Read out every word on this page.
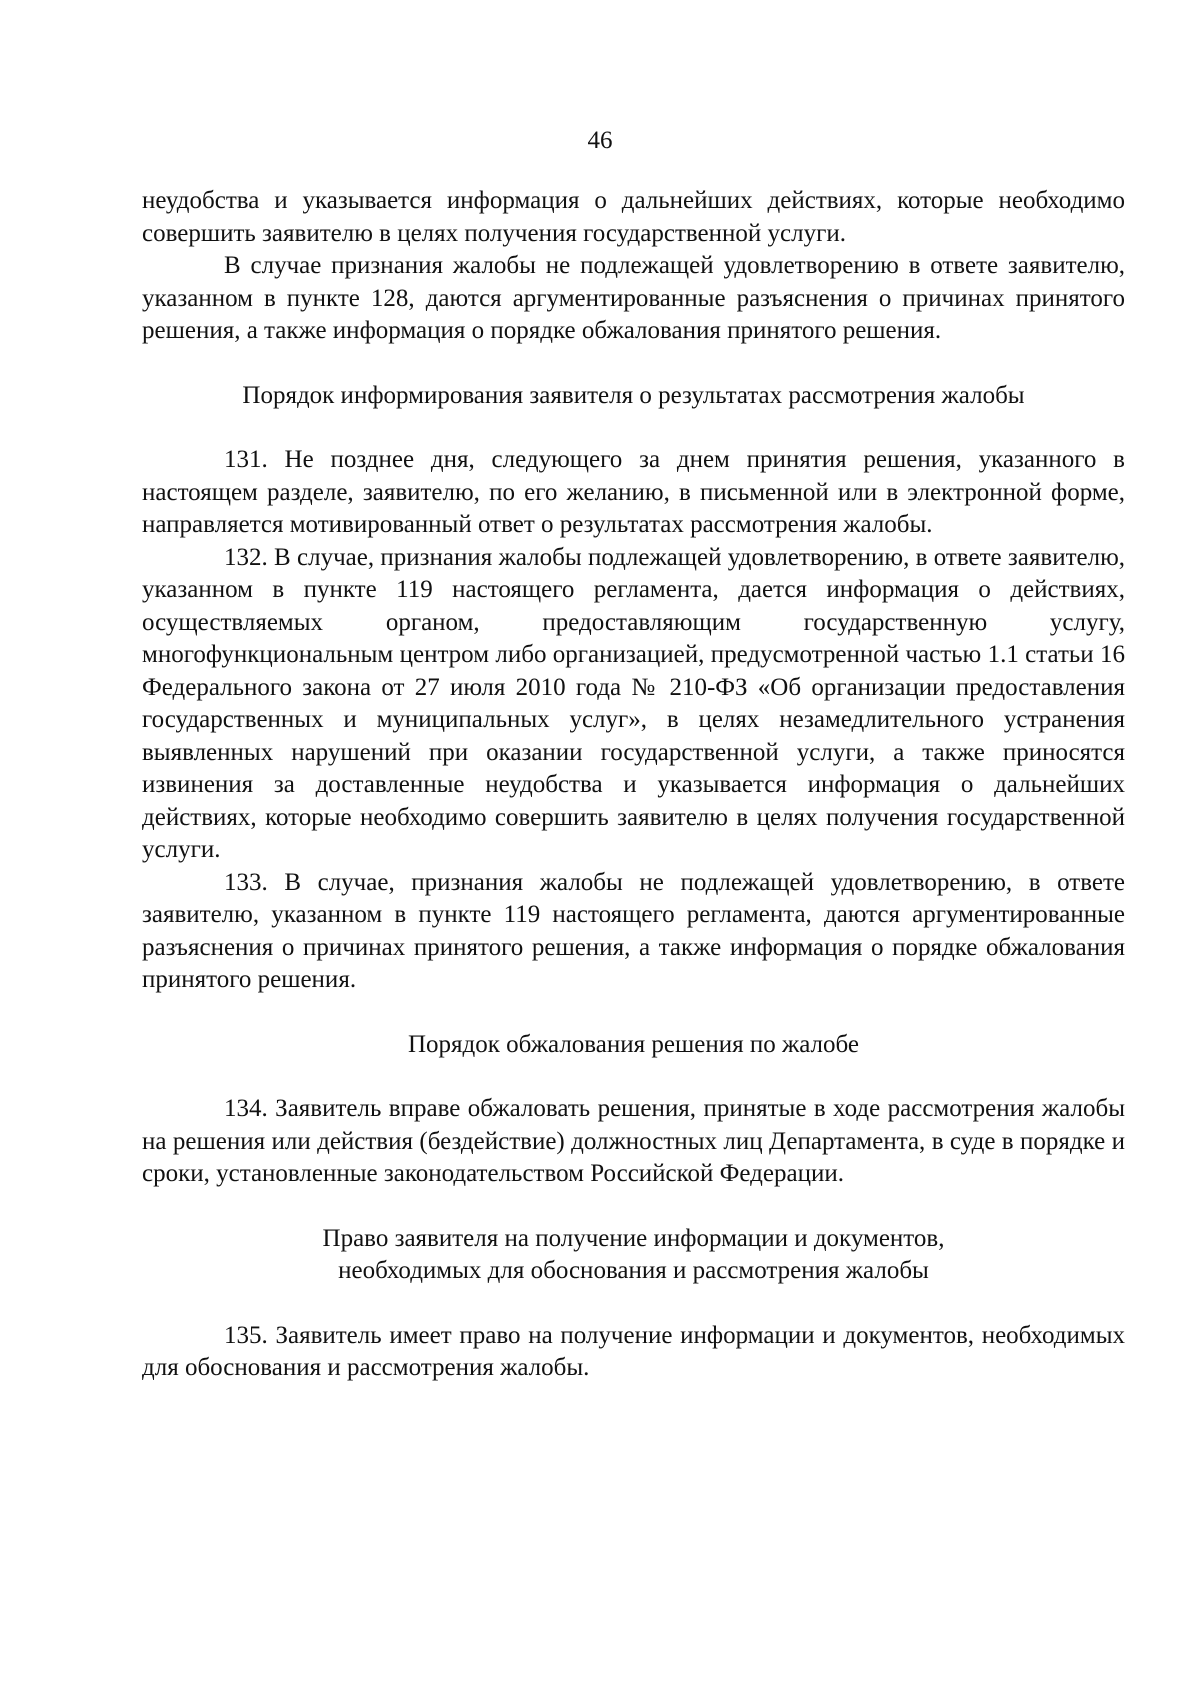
46

неудобства и указывается информация о дальнейших действиях, которые необходимо совершить заявителю в целях получения государственной услуги.

В случае признания жалобы не подлежащей удовлетворению в ответе заявителю, указанном в пункте 128, даются аргументированные разъяснения о причинах принятого решения, а также информация о порядке обжалования принятого решения.

Порядок информирования заявителя о результатах рассмотрения жалобы

131. Не позднее дня, следующего за днем принятия решения, указанного в настоящем разделе, заявителю, по его желанию, в письменной или в электронной форме, направляется мотивированный ответ о результатах рассмотрения жалобы.

132. В случае, признания жалобы подлежащей удовлетворению, в ответе заявителю, указанном в пункте 119 настоящего регламента, дается информация о действиях, осуществляемых органом, предоставляющим государственную услугу, многофункциональным центром либо организацией, предусмотренной частью 1.1 статьи 16 Федерального закона от 27 июля 2010 года № 210-ФЗ «Об организации предоставления государственных и муниципальных услуг», в целях незамедлительного устранения выявленных нарушений при оказании государственной услуги, а также приносятся извинения за доставленные неудобства и указывается информация о дальнейших действиях, которые необходимо совершить заявителю в целях получения государственной услуги.

133. В случае, признания жалобы не подлежащей удовлетворению, в ответе заявителю, указанном в пункте 119 настоящего регламента, даются аргументированные разъяснения о причинах принятого решения, а также информация о порядке обжалования принятого решения.

Порядок обжалования решения по жалобе

134. Заявитель вправе обжаловать решения, принятые в ходе рассмотрения жалобы на решения или действия (бездействие) должностных лиц Департамента, в суде в порядке и сроки, установленные законодательством Российской Федерации.

Право заявителя на получение информации и документов,

необходимых для обоснования и рассмотрения жалобы

135. Заявитель имеет право на получение информации и документов, необходимых для обоснования и рассмотрения жалобы.
